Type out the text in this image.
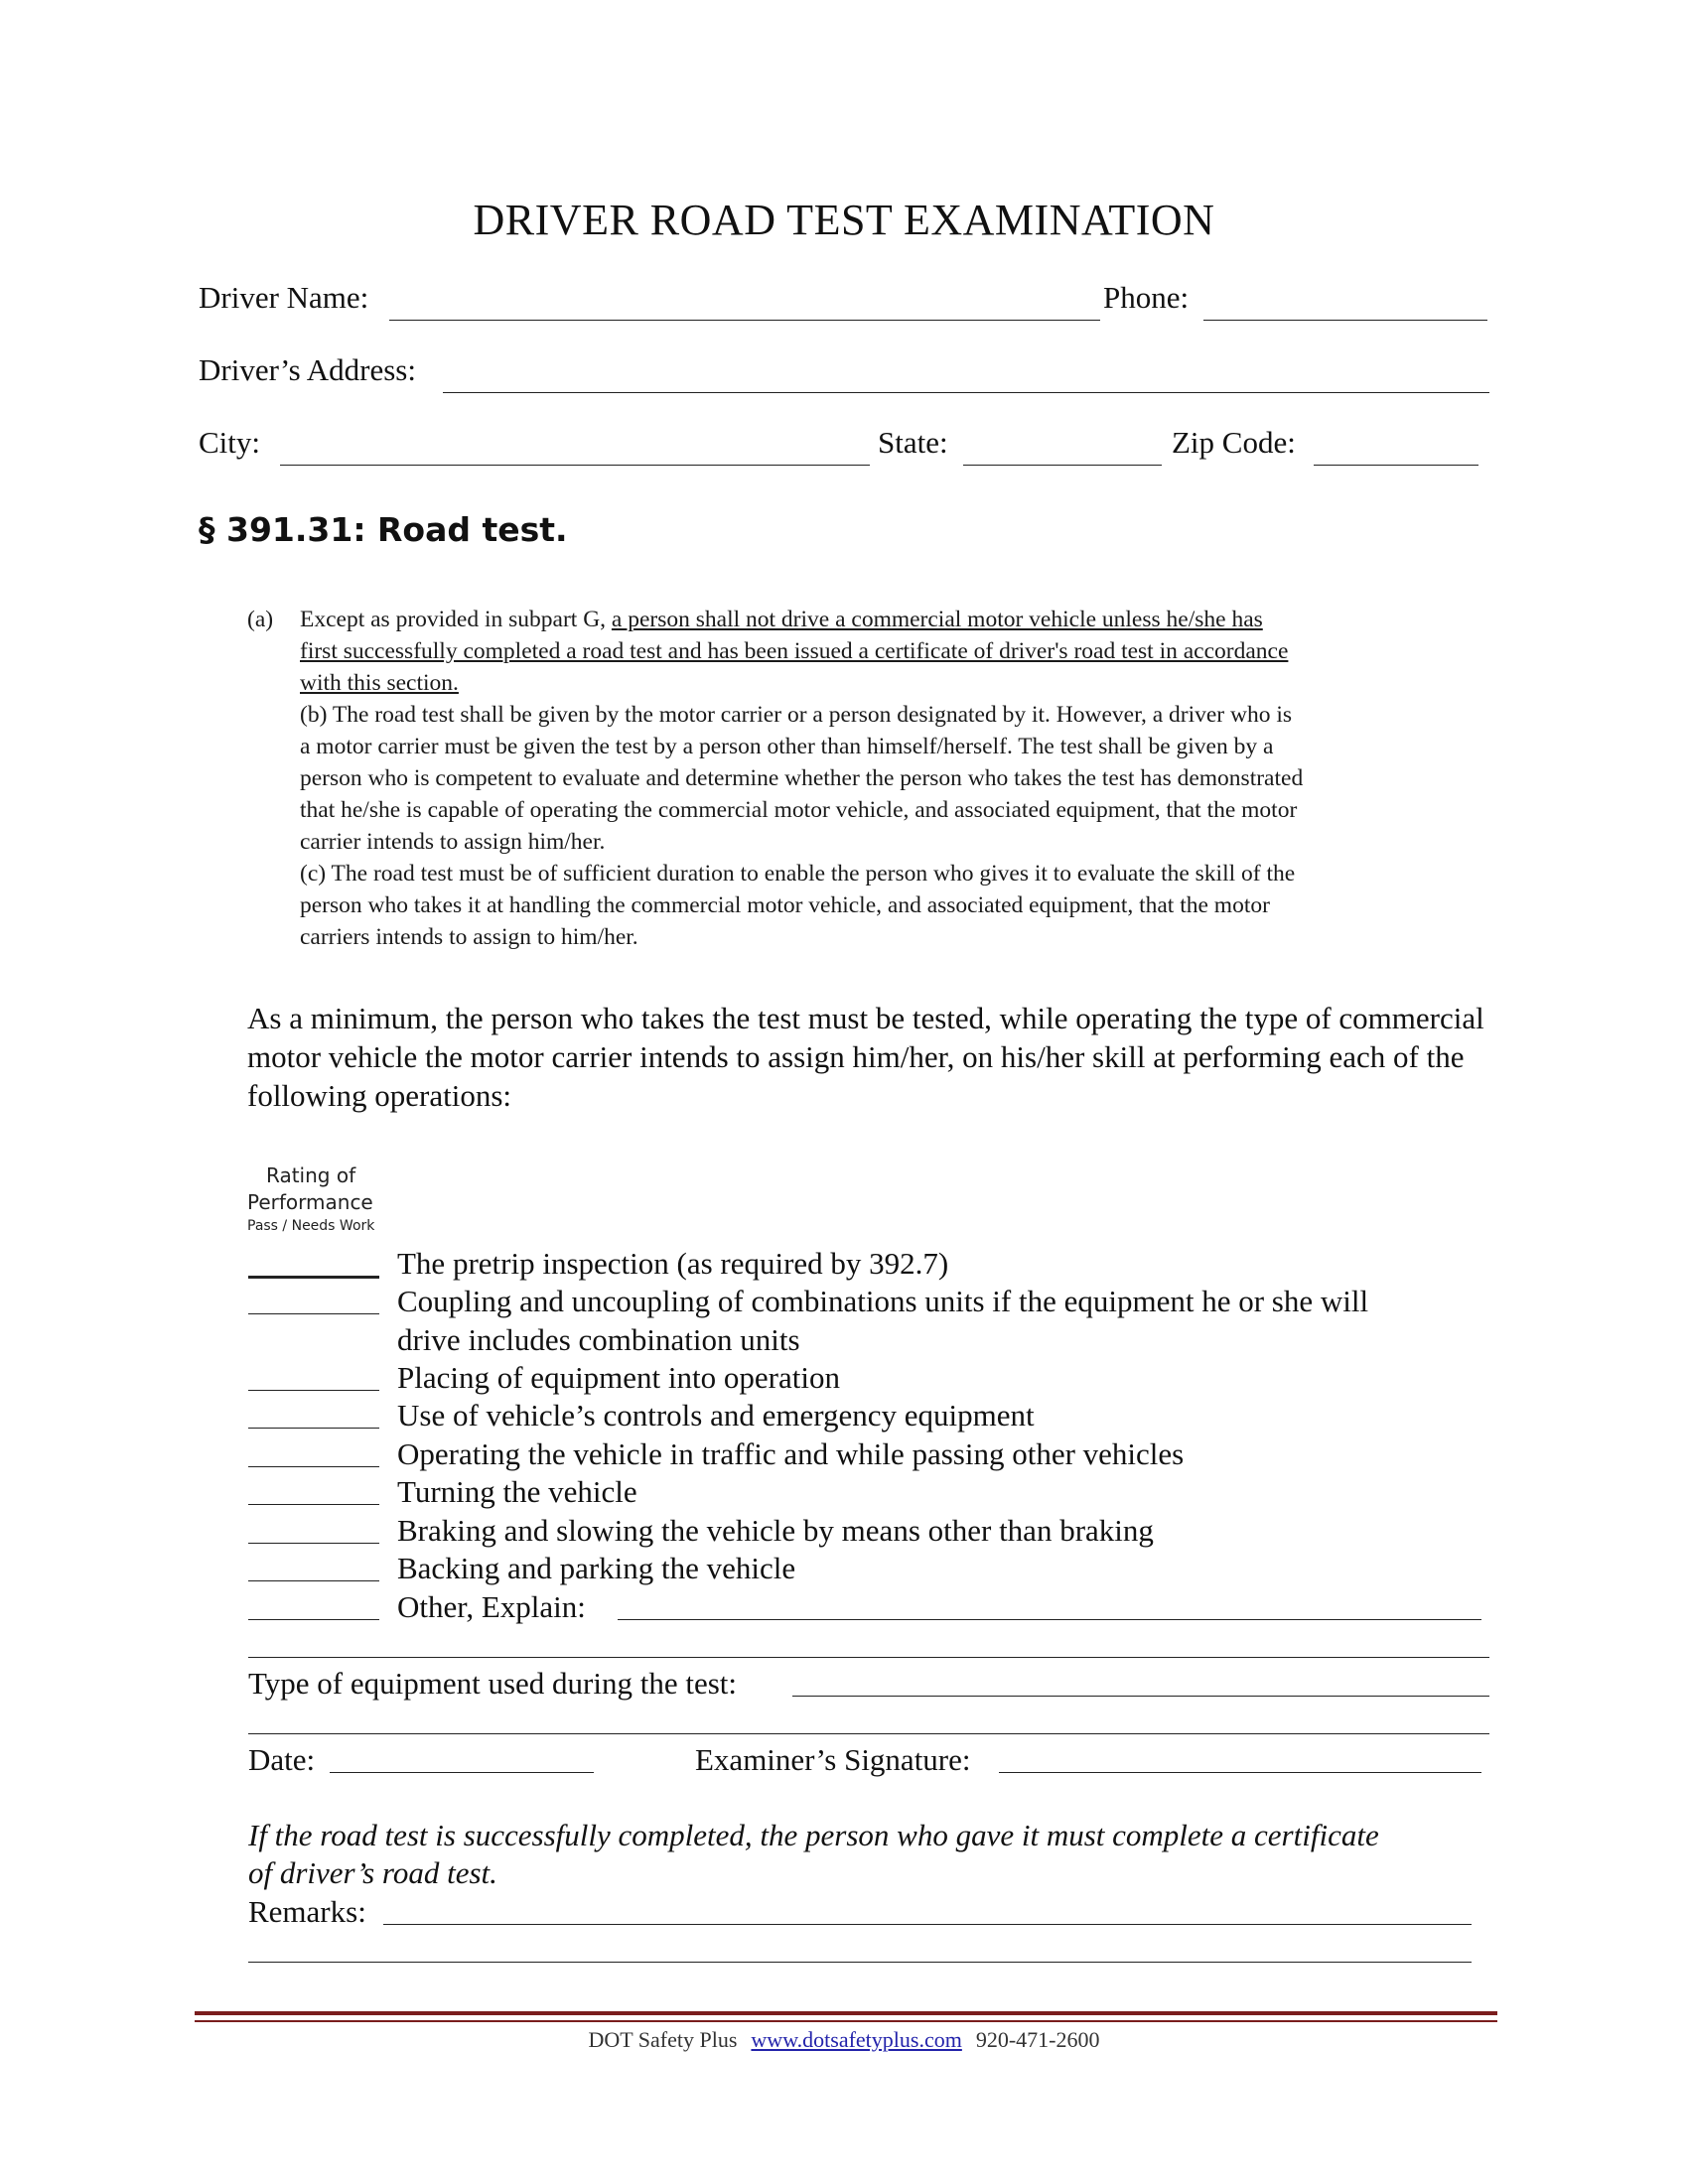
DRIVER ROAD TEST EXAMINATION
Driver Name:	Phone:
Driver’s Address:
City:	State:	Zip Code:
§ 391.31: Road test.
(a) Except as provided in subpart G, a person shall not drive a commercial motor vehicle unless he/she has
first successfully completed a road test and has been issued a certificate of driver's road test in accordance
with this section.
(b) The road test shall be given by the motor carrier or a person designated by it. However, a driver who is
a motor carrier must be given the test by a person other than himself/herself. The test shall be given by a
person who is competent to evaluate and determine whether the person who takes the test has demonstrated
that he/she is capable of operating the commercial motor vehicle, and associated equipment, that the motor
carrier intends to assign him/her.
(c) The road test must be of sufficient duration to enable the person who gives it to evaluate the skill of the
person who takes it at handling the commercial motor vehicle, and associated equipment, that the motor
carriers intends to assign to him/her.
As a minimum, the person who takes the test must be tested, while operating the type of commercial motor vehicle the motor carrier intends to assign him/her, on his/her skill at performing each of the following operations:
Rating of
Performance
Pass / Needs Work
The pretrip inspection (as required by 392.7)
Coupling and uncoupling of combinations units if the equipment he or she will
drive includes combination units
Placing of equipment into operation
Use of vehicle’s controls and emergency equipment
Operating the vehicle in traffic and while passing other vehicles
Turning the vehicle
Braking and slowing the vehicle by means other than braking
Backing and parking the vehicle
Other, Explain:
Type of equipment used during the test:
Date:	Examiner’s Signature:
If the road test is successfully completed, the person who gave it must complete a certificate
of driver’s road test.
Remarks:
DOT Safety Plus www.dotsafetyplus.com 920-471-2600
